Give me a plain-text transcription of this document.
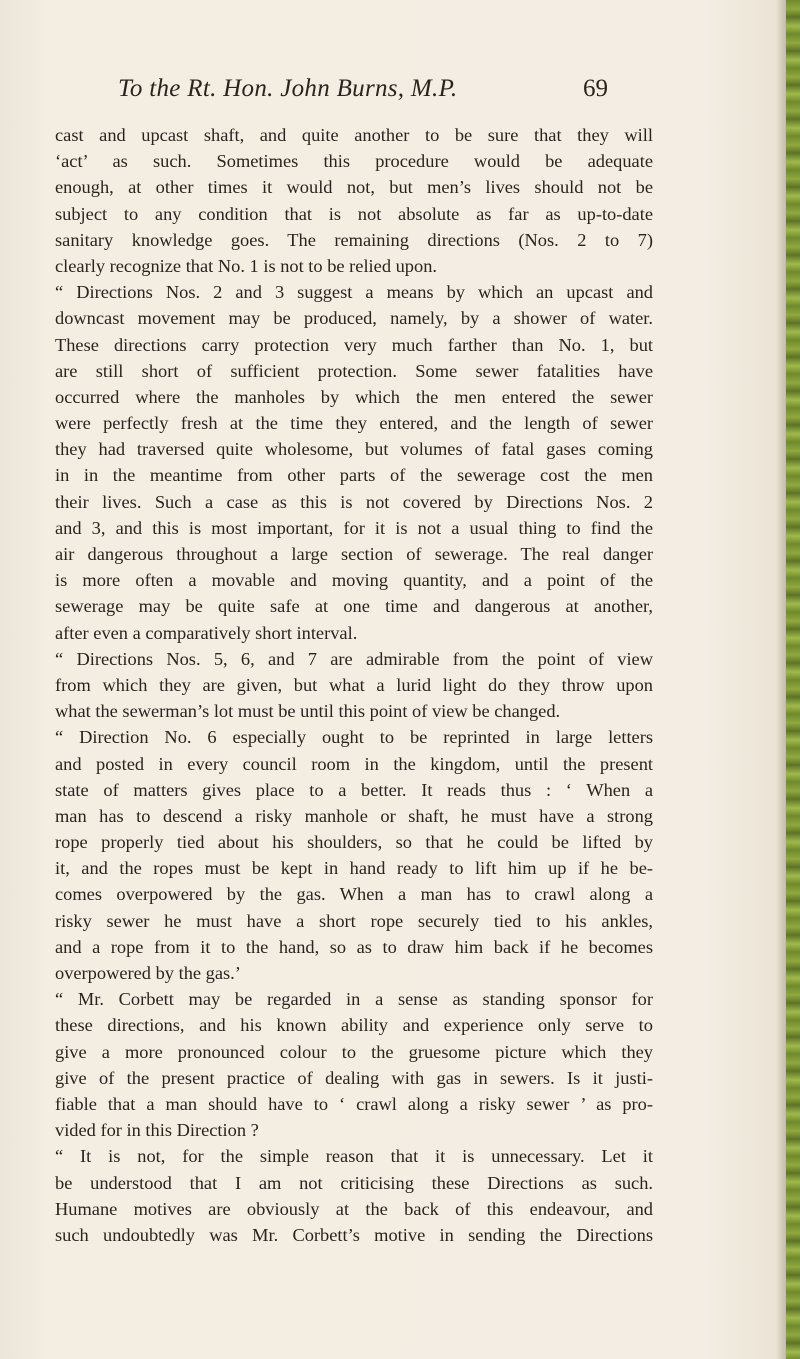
To the Rt. Hon. John Burns, M.P.	69
cast and upcast shaft, and quite another to be sure that they will
‘act’ as such. Sometimes this procedure would be adequate
enough, at other times it would not, but men’s lives should not be
subject to any condition that is not absolute as far as up-to-date
sanitary knowledge goes. The remaining directions (Nos. 2 to 7)
clearly recognize that No. 1 is not to be relied upon.
“ Directions Nos. 2 and 3 suggest a means by which an upcast and
downcast movement may be produced, namely, by a shower of water.
These directions carry protection very much farther than No. 1, but
are still short of sufficient protection. Some sewer fatalities have
occurred where the manholes by which the men entered the sewer
were perfectly fresh at the time they entered, and the length of sewer
they had traversed quite wholesome, but volumes of fatal gases coming
in in the meantime from other parts of the sewerage cost the men
their lives. Such a case as this is not covered by Directions Nos. 2
and 3, and this is most important, for it is not a usual thing to find the
air dangerous throughout a large section of sewerage. The real danger
is more often a movable and moving quantity, and a point of the
sewerage may be quite safe at one time and dangerous at another,
after even a comparatively short interval.
“ Directions Nos. 5, 6, and 7 are admirable from the point of view
from which they are given, but what a lurid light do they throw upon
what the sewerman’s lot must be until this point of view be changed.
“ Direction No. 6 especially ought to be reprinted in large letters
and posted in every council room in the kingdom, until the present
state of matters gives place to a better. It reads thus : ‘ When a
man has to descend a risky manhole or shaft, he must have a strong
rope properly tied about his shoulders, so that he could be lifted by
it, and the ropes must be kept in hand ready to lift him up if he be-
comes overpowered by the gas. When a man has to crawl along a
risky sewer he must have a short rope securely tied to his ankles,
and a rope from it to the hand, so as to draw him back if he becomes
overpowered by the gas.’
“ Mr. Corbett may be regarded in a sense as standing sponsor for
these directions, and his known ability and experience only serve to
give a more pronounced colour to the gruesome picture which they
give of the present practice of dealing with gas in sewers. Is it justi-
fiable that a man should have to ‘ crawl along a risky sewer ’ as pro-
vided for in this Direction ?
“ It is not, for the simple reason that it is unnecessary. Let it
be understood that I am not criticising these Directions as such.
Humane motives are obviously at the back of this endeavour, and
such undoubtedly was Mr. Corbett’s motive in sending the Directions
